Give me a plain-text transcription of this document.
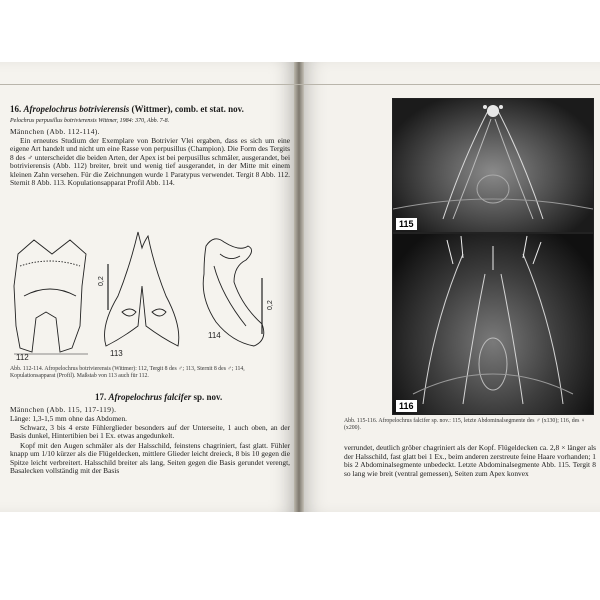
16. Afropelochrus botrivierensis (Wittmer), comb. et stat. nov.
Pelochrus perpusillus botrivierensis Wittmer, 1984: 370, Abb. 7-8.
Männchen (Abb. 112-114).
Ein erneutes Studium der Exemplare von Botrivier Vlei ergaben, dass es sich um eine eigene Art handelt und nicht um eine Rasse von perpusillus (Champion). Die Form des Tergits 8 des ♂ unterscheidet die beiden Arten, der Apex ist bei perpusillus schmäler, ausgerandet, bei botrivierensis (Abb. 112) breiter, breit und wenig tief ausgerandet, in der Mitte mit einem kleinen Zahn versehen. Für die Zeichnungen wurde 1 Paratypus verwendet. Tergit 8 Abb. 112. Sternit 8 Abb. 113. Kopulationsapparat Profil Abb. 114.
112	113
114
0,2
0,2
Abb. 112-114. Afropelochrus botrivierensis (Wittmer): 112, Tergit 8 des ♂; 113, Sternit 8 des ♂; 114, Kopulationsapparat (Profil). Maßstab von 113 auch für 112.
17. Afropelochrus falcifer sp. nov.
Männchen (Abb. 115, 117-119).
Länge: 1,3-1,5 mm ohne das Abdomen.
Schwarz, 3 bis 4 erste Fühlerglieder besonders auf der Unterseite, 1 auch oben, an der Basis dunkel, Hintertibien bei 1 Ex. etwas angedunkelt.
Kopf mit den Augen schmäler als der Halsschild, feinstens chagriniert, fast glatt. Fühler knapp um 1/10 kürzer als die Flügeldecken, mittlere Glieder leicht dreieck, 8 bis 10 gegen die Spitze leicht verbreitert. Halsschild breiter als lang, Seiten gegen die Basis gerundet verengt, Basalecken vollständig mit der Basis
115
116
Abb. 115-116. Afropelochrus falcifer sp. nov.: 115, letzte Abdominalsegmente des ♂ (x130); 116, des ♀ (x200).
verrundet, deutlich gröber chagriniert als der Kopf. Flügeldecken ca. 2,8 × länger als der Halsschild, fast glatt bei 1 Ex., beim anderen zerstreute feine Haare vorhanden; 1 bis 2 Abdominalsegmente unbedeckt. Letzte Abdominalsegmente Abb. 115. Tergit 8 so lang wie breit (ventral gemessen), Seiten zum Apex konvex
